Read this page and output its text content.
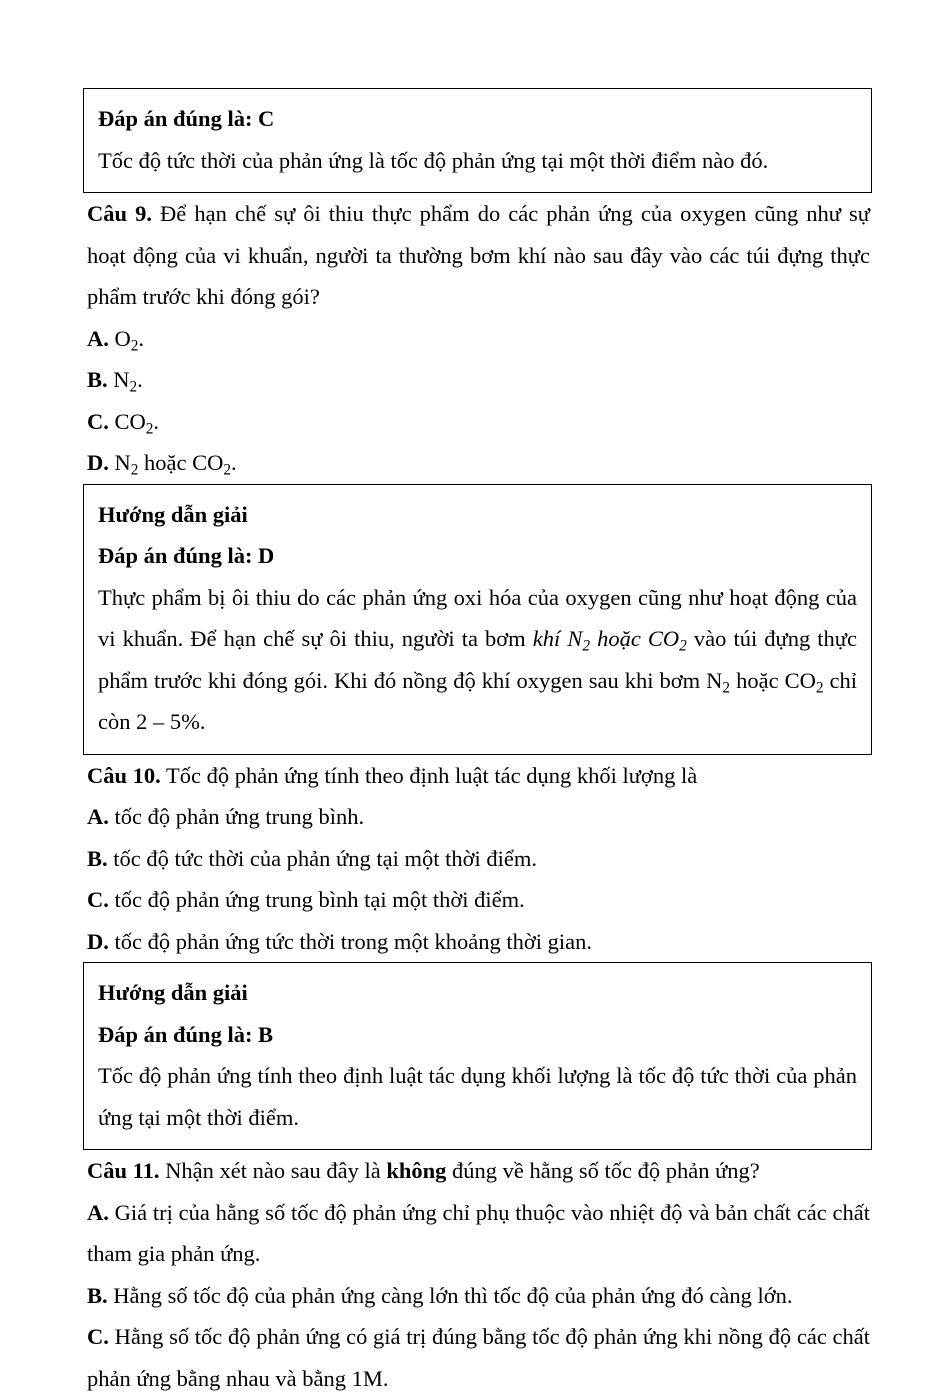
Đáp án đúng là: C

Tốc độ tức thời của phản ứng là tốc độ phản ứng tại một thời điểm nào đó.

Câu 9. Để hạn chế sự ôi thiu thực phẩm do các phản ứng của oxygen cũng như sự hoạt động của vi khuẩn, người ta thường bơm khí nào sau đây vào các túi đựng thực phẩm trước khi đóng gói?

A. $O_2$.

B. $N_2$.

C. $CO_2$.

D. $N_2$ hoặc $CO_2$.

Hướng dẫn giải

Đáp án đúng là: D

Thực phẩm bị ôi thiu do các phản ứng oxi hóa của oxygen cũng như hoạt động của vi khuẩn. Để hạn chế sự ôi thiu, người ta bơm khí $N_2$ hoặc $CO_2$ vào túi đựng thực phẩm trước khi đóng gói. Khi đó nồng độ khí oxygen sau khi bơm $N_2$ hoặc $CO_2$ chỉ còn 2 – 5%.

Câu 10. Tốc độ phản ứng tính theo định luật tác dụng khối lượng là

A. tốc độ phản ứng trung bình.

B. tốc độ tức thời của phản ứng tại một thời điểm.

C. tốc độ phản ứng trung bình tại một thời điểm.

D. tốc độ phản ứng tức thời trong một khoảng thời gian.

Hướng dẫn giải

Đáp án đúng là: B

Tốc độ phản ứng tính theo định luật tác dụng khối lượng là tốc độ tức thời của phản ứng tại một thời điểm.

Câu 11. Nhận xét nào sau đây là không đúng về hằng số tốc độ phản ứng?

A. Giá trị của hằng số tốc độ phản ứng chỉ phụ thuộc vào nhiệt độ và bản chất các chất tham gia phản ứng.

B. Hằng số tốc độ của phản ứng càng lớn thì tốc độ của phản ứng đó càng lớn.

C. Hằng số tốc độ phản ứng có giá trị đúng bằng tốc độ phản ứng khi nồng độ các chất phản ứng bằng nhau và bằng 1M.
